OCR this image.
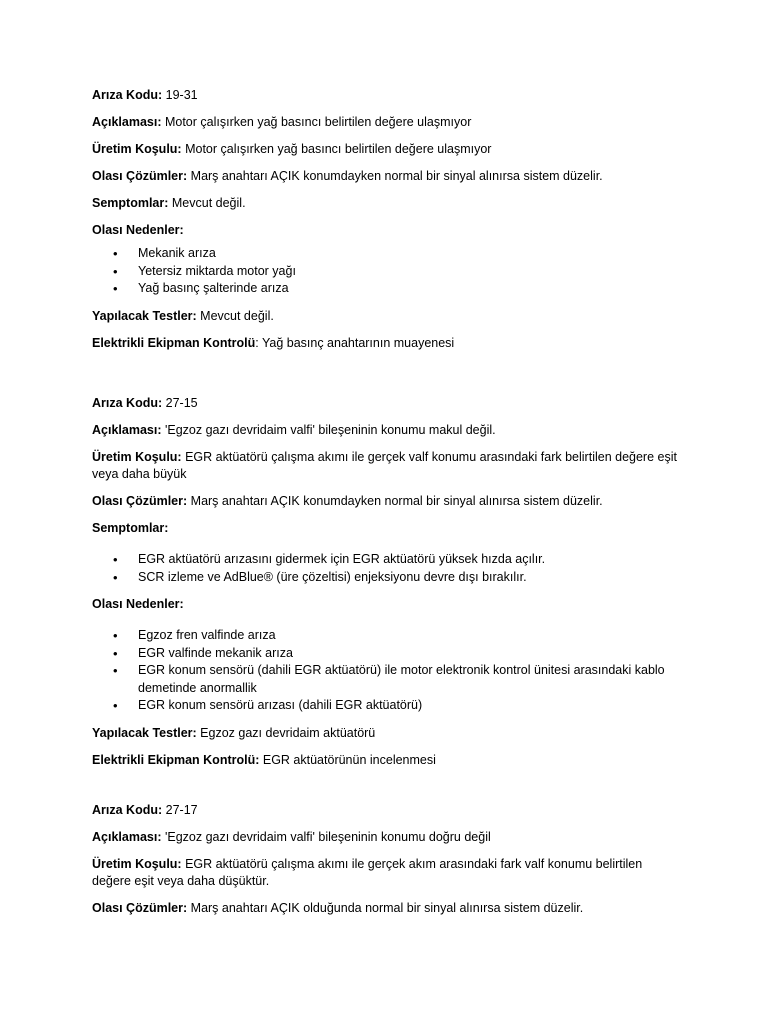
Arıza Kodu: 19-31

Açıklaması: Motor çalışırken yağ basıncı belirtilen değere ulaşmıyor

Üretim Koşulu: Motor çalışırken yağ basıncı belirtilen değere ulaşmıyor

Olası Çözümler: Marş anahtarı AÇIK konumdayken normal bir sinyal alınırsa sistem düzelir.

Semptomlar: Mevcut değil.

Olası Nedenler:

• Mekanik arıza
• Yetersiz miktarda motor yağı
• Yağ basınç şalterinde arıza

Yapılacak Testler: Mevcut değil.

Elektrikli Ekipman Kontrolü: Yağ basınç anahtarının muayenesi

Arıza Kodu: 27-15

Açıklaması: 'Egzoz gazı devridaim valfi' bileşeninin konumu makul değil.

Üretim Koşulu: EGR aktüatörü çalışma akımı ile gerçek valf konumu arasındaki fark belirtilen değere eşit veya daha büyük

Olası Çözümler: Marş anahtarı AÇIK konumdayken normal bir sinyal alınırsa sistem düzelir.

Semptomlar:

• EGR aktüatörü arızasını gidermek için EGR aktüatörü yüksek hızda açılır.
• SCR izleme ve AdBlue® (üre çözeltisi) enjeksiyonu devre dışı bırakılır.

Olası Nedenler:

• Egzoz fren valfinde arıza
• EGR valfinde mekanik arıza
• EGR konum sensörü (dahili EGR aktüatörü) ile motor elektronik kontrol ünitesi arasındaki kablo demetinde anormallik
• EGR konum sensörü arızası (dahili EGR aktüatörü)

Yapılacak Testler: Egzoz gazı devridaim aktüatörü

Elektrikli Ekipman Kontrolü: EGR aktüatörünün incelenmesi

Arıza Kodu: 27-17

Açıklaması: 'Egzoz gazı devridaim valfi' bileşeninin konumu doğru değil

Üretim Koşulu: EGR aktüatörü çalışma akımı ile gerçek akım arasındaki fark valf konumu belirtilen değere eşit veya daha düşüktür.

Olası Çözümler: Marş anahtarı AÇIK olduğunda normal bir sinyal alınırsa sistem düzelir.
